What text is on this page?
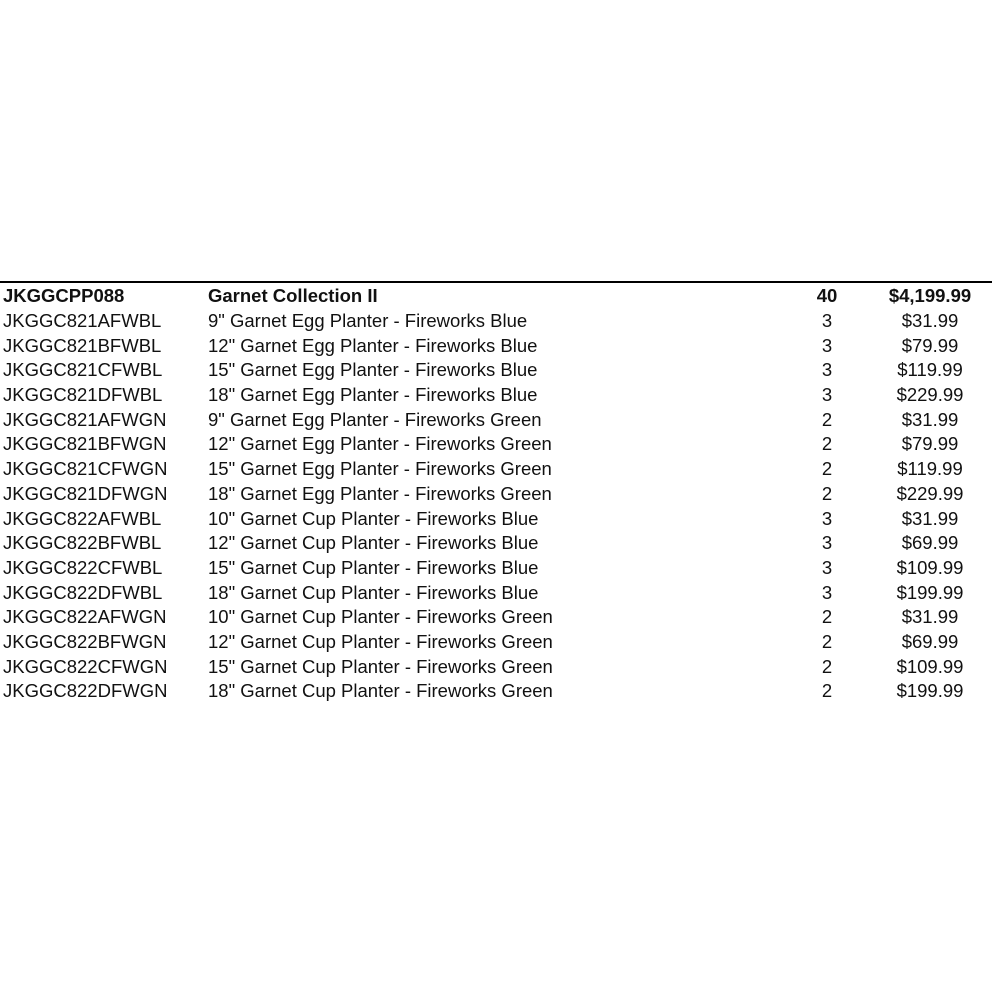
JKGGCPP088	Garnet Collection II	40	$4,199.99
JKGGC821AFWBL	9" Garnet Egg Planter - Fireworks Blue	3	$31.99
JKGGC821BFWBL	12" Garnet Egg Planter - Fireworks Blue	3	$79.99
JKGGC821CFWBL 15" Garnet Egg Planter - Fireworks Blue	3	$119.99
JKGGC821DFWBL 18" Garnet Egg Planter - Fireworks Blue	3	$229.99
JKGGC821AFWGN 9" Garnet Egg Planter - Fireworks Green	2	$31.99
JKGGC821BFWGN 12" Garnet Egg Planter - Fireworks Green	2	$79.99
JKGGC821CFWGN 15" Garnet Egg Planter - Fireworks Green	2	$119.99
JKGGC821DFWGN 18" Garnet Egg Planter - Fireworks Green	2	$229.99
JKGGC822AFWBL	10" Garnet Cup Planter - Fireworks Blue	3	$31.99
JKGGC822BFWBL	12" Garnet Cup Planter - Fireworks Blue	3	$69.99
JKGGC822CFWBL 15" Garnet Cup Planter - Fireworks Blue	3	$109.99
JKGGC822DFWBL 18" Garnet Cup Planter - Fireworks Blue	3	$199.99
JKGGC822AFWGN 10" Garnet Cup Planter - Fireworks Green	2	$31.99
JKGGC822BFWGN 12" Garnet Cup Planter - Fireworks Green	2	$69.99
JKGGC822CFWGN 15" Garnet Cup Planter - Fireworks Green	2	$109.99
JKGGC822DFWGN 18" Garnet Cup Planter - Fireworks Green	2	$199.99
